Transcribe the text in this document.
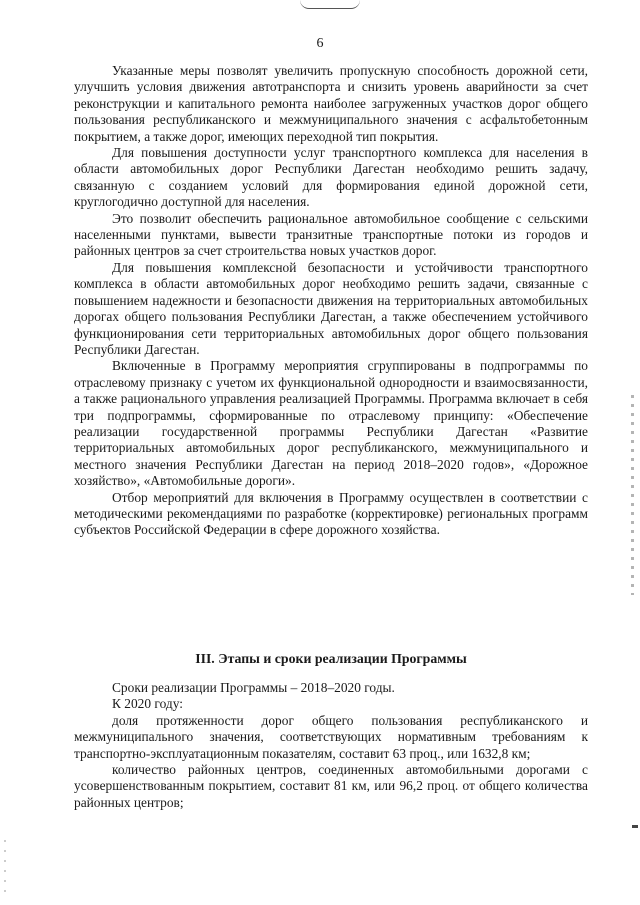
6

Указанные меры позволят увеличить пропускную способность дорожной сети, улучшить условия движения автотранспорта и снизить уровень аварийности за счет реконструкции и капитального ремонта наиболее загруженных участков дорог общего пользования республиканского и межмуниципального значения с асфальтобетонным покрытием, а также дорог, имеющих переходной тип покрытия.

Для повышения доступности услуг транспортного комплекса для населения в области автомобильных дорог Республики Дагестан необходимо решить задачу, связанную с созданием условий для формирования единой дорожной сети, круглогодично доступной для населения.

Это позволит обеспечить рациональное автомобильное сообщение с сельскими населенными пунктами, вывести транзитные транспортные потоки из городов и районных центров за счет строительства новых участков дорог.

Для повышения комплексной безопасности и устойчивости транспортного комплекса в области автомобильных дорог необходимо решить задачи, связанные с повышением надежности и безопасности движения на территориальных автомобильных дорогах общего пользования Республики Дагестан, а также обеспечением устойчивого функционирования сети территориальных автомобильных дорог общего пользования Республики Дагестан.

Включенные в Программу мероприятия сгруппированы в подпрограммы по отраслевому признаку с учетом их функциональной однородности и взаимосвязанности, а также рационального управления реализацией Программы. Программа включает в себя три подпрограммы, сформированные по отраслевому принципу: «Обеспечение реализации государственной программы Республики Дагестан «Развитие территориальных автомобильных дорог республиканского, межмуниципального и местного значения Республики Дагестан на период 2018–2020 годов», «Дорожное хозяйство», «Автомобильные дороги».

Отбор мероприятий для включения в Программу осуществлен в соответствии с методическими рекомендациями по разработке (корректировке) региональных программ субъектов Российской Федерации в сфере дорожного хозяйства.

III. Этапы и сроки реализации Программы

Сроки реализации Программы – 2018–2020 годы.

К 2020 году:

доля протяженности дорог общего пользования республиканского и межмуниципального значения, соответствующих нормативным требованиям к транспортно-эксплуатационным показателям, составит 63 проц., или 1632,8 км;

количество районных центров, соединенных автомобильными дорогами с усовершенствованным покрытием, составит 81 км, или 96,2 проц. от общего количества районных центров;
